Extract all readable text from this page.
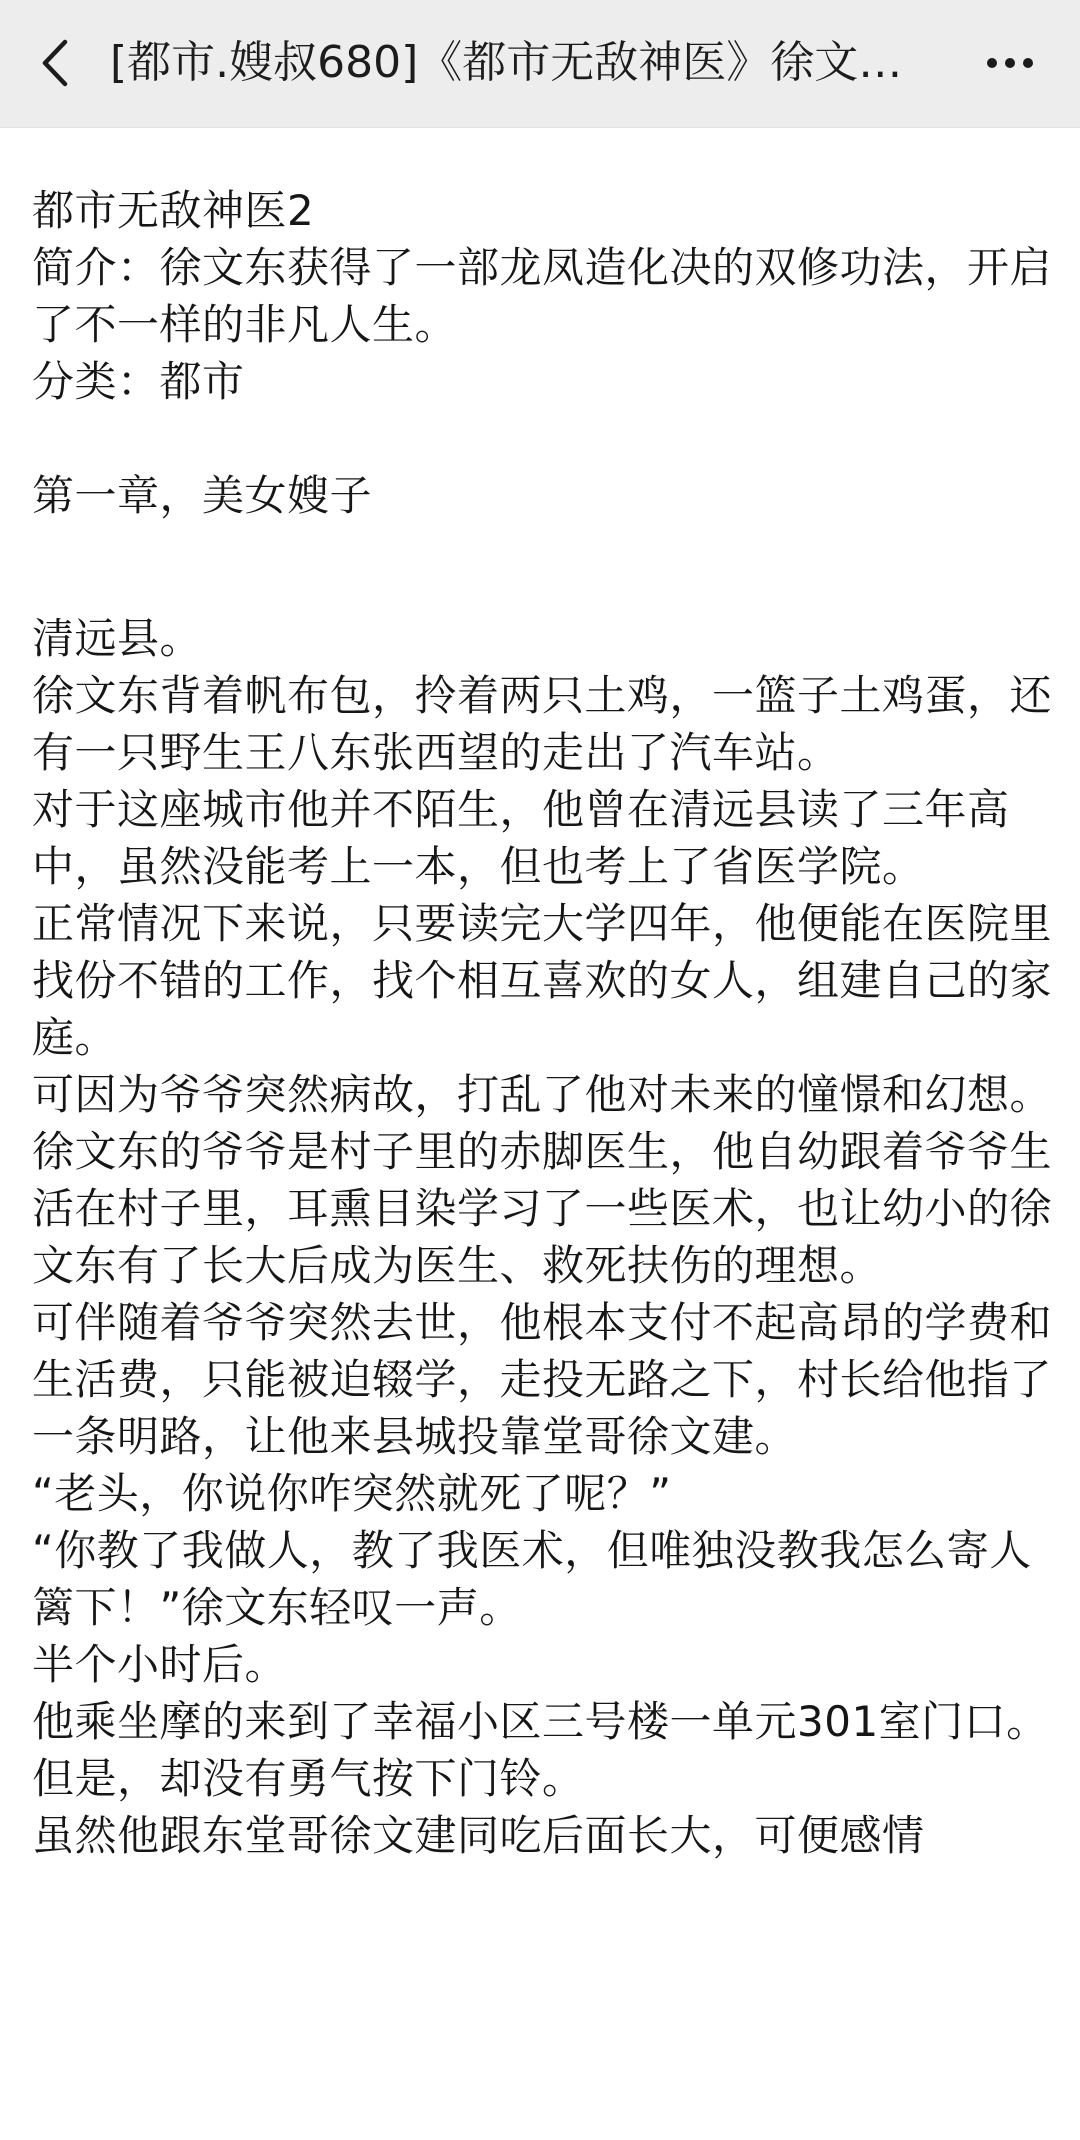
[都市.嫂叔680]《都市无敌神医》徐文…

都市无敌神医2

简介：徐文东获得了一部龙凤造化决的双修功法，开启了不一样的非凡人生。

分类：都市

第一章，美女嫂子

清远县。

徐文东背着帆布包，拎着两只土鸡，一篮子土鸡蛋，还有一只野生王八东张西望的走出了汽车站。

对于这座城市他并不陌生，他曾在清远县读了三年高中，虽然没能考上一本，但也考上了省医学院。

正常情况下来说，只要读完大学四年，他便能在医院里找份不错的工作，找个相互喜欢的女人，组建自己的家庭。

可因为爷爷突然病故，打乱了他对未来的憧憬和幻想。

徐文东的爷爷是村子里的赤脚医生，他自幼跟着爷爷生活在村子里，耳熏目染学习了一些医术，也让幼小的徐文东有了长大后成为医生、救死扶伤的理想。

可伴随着爷爷突然去世，他根本支付不起高昂的学费和生活费，只能被迫辍学，走投无路之下，村长给他指了一条明路，让他来县城投靠堂哥徐文建。

“老头，你说你咋突然就死了呢？”

“你教了我做人，教了我医术，但唯独没教我怎么寄人篱下！”徐文东轻叹一声。

半个小时后。

他乘坐摩的来到了幸福小区三号楼一单元301室门口。

但是，却没有勇气按下门铃。

虽然他跟东堂哥徐文建同吃后面长大，可便感情
